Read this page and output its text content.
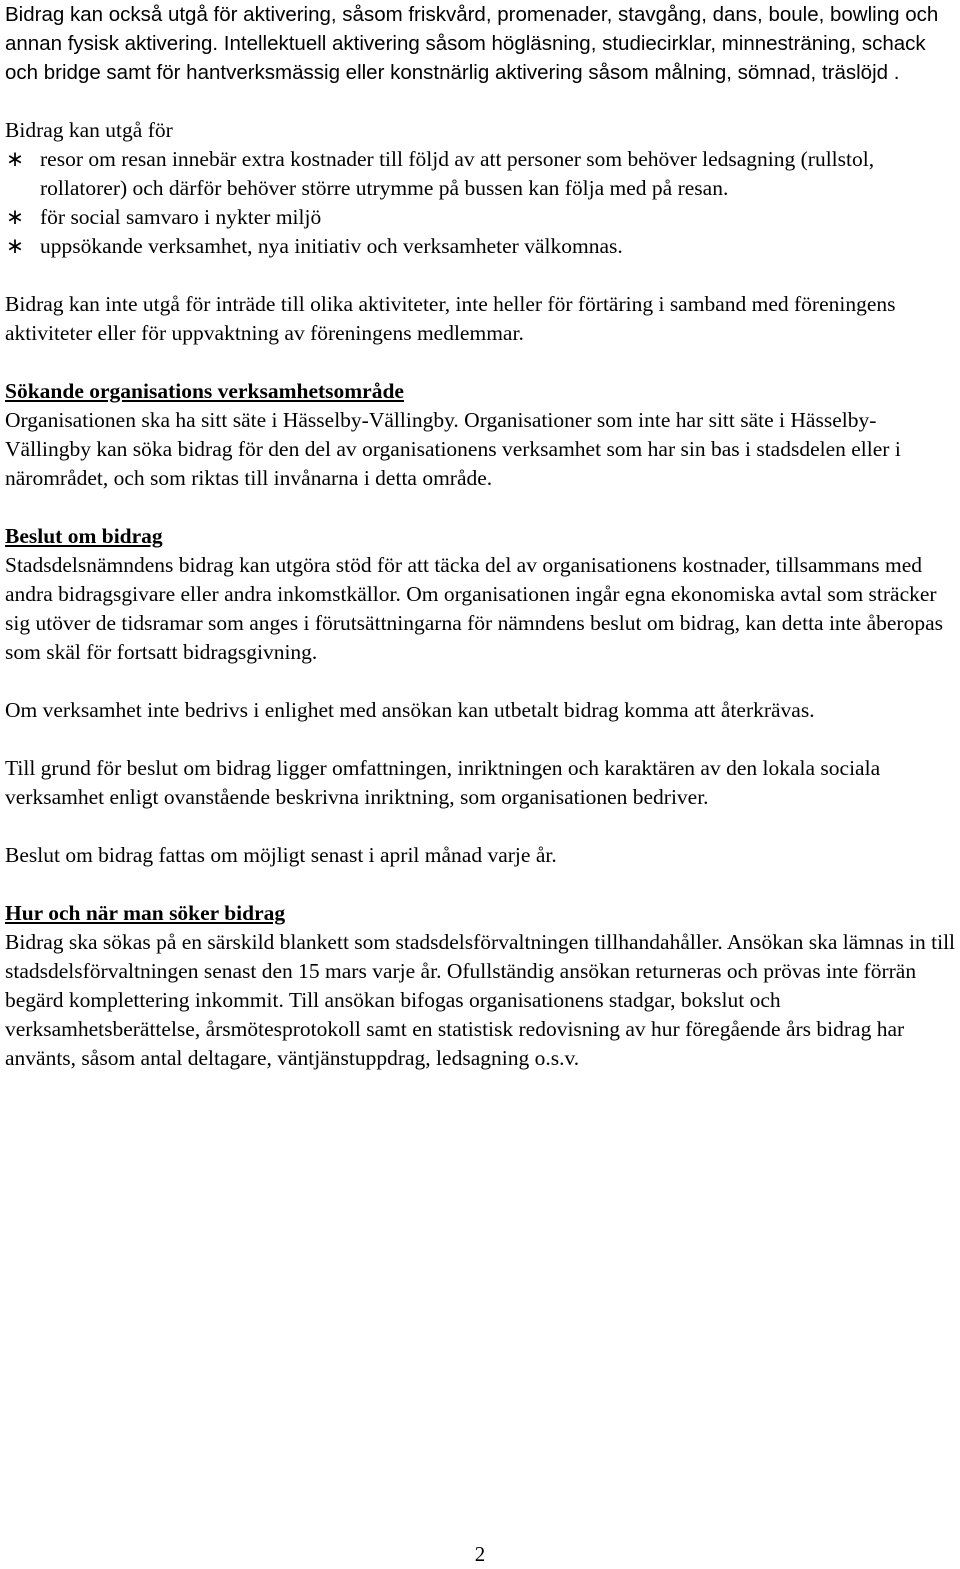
Bidrag kan också utgå för aktivering, såsom friskvård, promenader, stavgång, dans, boule, bowling och annan fysisk aktivering. Intellektuell aktivering såsom högläsning, studiecirklar, minnesträning, schack och bridge samt för hantverksmässig eller konstnärlig aktivering såsom målning, sömnad, träslöjd .

Bidrag kan utgå för

∗ resor om resan innebär extra kostnader till följd av att personer som behöver ledsagning (rullstol, rollatorer) och därför behöver större utrymme på bussen kan följa med på resan.
∗ för social samvaro i nykter miljö
∗ uppsökande verksamhet, nya initiativ och verksamheter välkomnas.

Bidrag kan inte utgå för inträde till olika aktiviteter, inte heller för förtäring i samband med föreningens aktiviteter eller för uppvaktning av föreningens medlemmar.

Sökande organisations verksamhetsområde

Organisationen ska ha sitt säte i Hässelby-Vällingby. Organisationer som inte har sitt säte i Hässelby-Vällingby kan söka bidrag för den del av organisationens verksamhet som har sin bas i stadsdelen eller i närområdet, och som riktas till invånarna i detta område.

Beslut om bidrag

Stadsdelsnämndens bidrag kan utgöra stöd för att täcka del av organisationens kostnader, tillsammans med andra bidragsgivare eller andra inkomstkällor. Om organisationen ingår egna ekonomiska avtal som sträcker sig utöver de tidsramar som anges i förutsättningarna för nämndens beslut om bidrag, kan detta inte åberopas som skäl för fortsatt bidragsgivning.

Om verksamhet inte bedrivs i enlighet med ansökan kan utbetalt bidrag komma att återkrävas.

Till grund för beslut om bidrag ligger omfattningen, inriktningen och karaktären av den lokala sociala verksamhet enligt ovanstående beskrivna inriktning, som organisationen bedriver.

Beslut om bidrag fattas om möjligt senast i april månad varje år.

Hur och när man söker bidrag

Bidrag ska sökas på en särskild blankett som stadsdelsförvaltningen tillhandahåller. Ansökan ska lämnas in till stadsdelsförvaltningen senast den 15 mars varje år. Ofullständig ansökan returneras och prövas inte förrän begärd komplettering inkommit. Till ansökan bifogas organisationens stadgar, bokslut och verksamhetsberättelse, årsmötesprotokoll samt en statistisk redovisning av hur föregående års bidrag har använts, såsom antal deltagare, väntjänstuppdrag, ledsagning o.s.v.

2
